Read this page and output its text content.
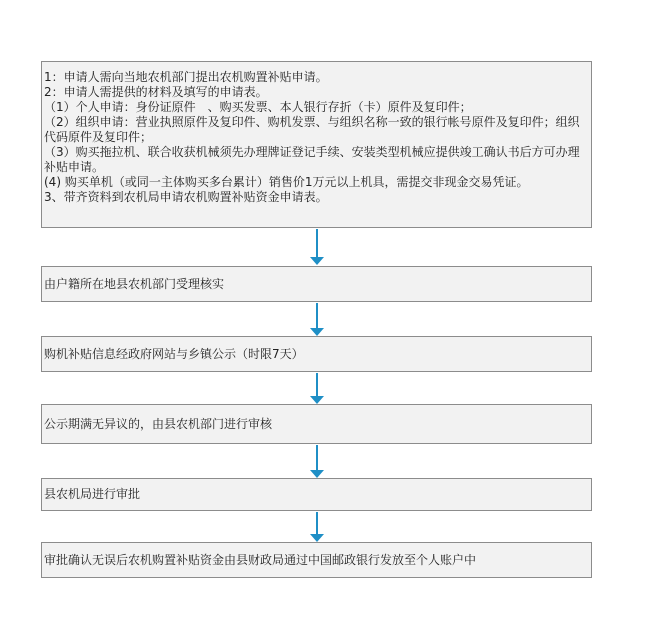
1：申请人需向当地农机部门提出农机购置补贴申请。
2：申请人需提供的材料及填写的申请表。
（1）个人申请：身份证原件　、购买发票、本人银行存折（卡）原件及复印件；
（2）组织申请：营业执照原件及复印件、购机发票、与组织名称一致的银行帐号原件及复印件；组织代码原件及复印件；
（3）购买拖拉机、联合收获机械须先办理牌证登记手续、安装类型机械应提供竣工确认书后方可办理补贴申请。
(4) 购买单机（或同一主体购买多台累计）销售价1万元以上机具，需提交非现金交易凭证。
3、带齐资料到农机局申请农机购置补贴资金申请表。
由户籍所在地县农机部门受理核实
购机补贴信息经政府网站与乡镇公示（时限7天）
公示期满无异议的，由县农机部门进行审核
县农机局进行审批
审批确认无误后农机购置补贴资金由县财政局通过中国邮政银行发放至个人账户中
